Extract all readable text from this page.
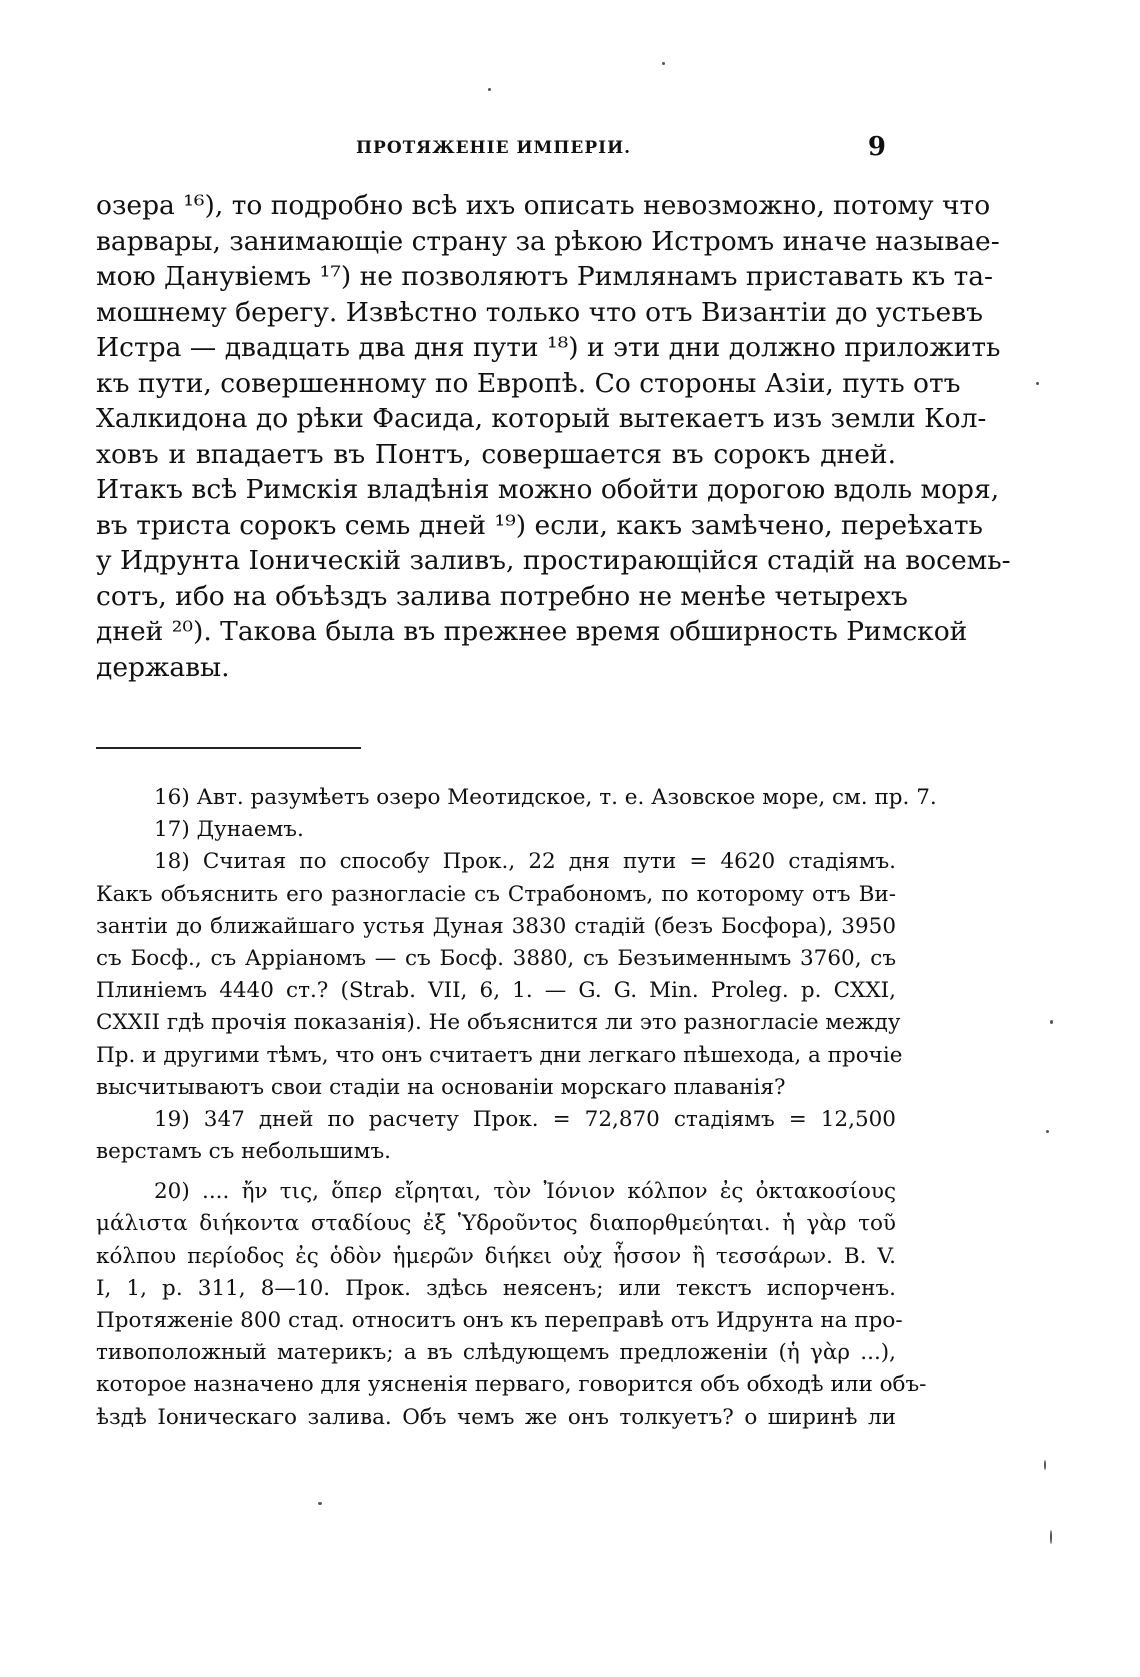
ПРОТЯЖЕНІЕ ИМПЕРІИ.	9
озера ¹⁶), то подробно всѣ ихъ описать невозможно, потому что
варвары, занимающіе страну за рѣкою Истромъ иначе называе-
мою Данувіемъ ¹⁷) не позволяютъ Римлянамъ приставать къ та-
мошнему берегу. Извѣстно только что отъ Византіи до устьевъ
Истра — двадцать два дня пути ¹⁸) и эти дни должно приложить
къ пути, совершенному по Европѣ. Со стороны Азіи, путь отъ
Халкидона до рѣки Фасида, который вытекаетъ изъ земли Кол-
ховъ и впадаетъ въ Понтъ, совершается въ сорокъ дней.
Итакъ всѣ Римскія владѣнія можно обойти дорогою вдоль моря,
въ триста сорокъ семь дней ¹⁹) если, какъ замѣчено, переѣхать
у Идрунта Іоническій заливъ, простирающійся стадій на восемь-
сотъ, ибо на объѣздъ залива потребно не менѣе четырехъ
дней ²⁰). Такова была въ прежнее время обширность Римской
державы.
16) Авт. разумѣетъ озеро Меотидское, т. е. Азовское море, см. пр. 7.
17) Дунаемъ.
18) Считая по способу Прок., 22 дня пути = 4620 стадіямъ.
Какъ объяснить его разногласіе съ Страбономъ, по которому отъ Ви-
зантіи до ближайшаго устья Дуная 3830 стадій (безъ Босфора), 3950
съ Босф., съ Арріаномъ — съ Босф. 3880, съ Безъименнымъ 3760, съ
Плиніемъ 4440 ст.? (Strab. VII, 6, 1. — G. G. Min. Proleg. p. CXXI,
CXXII гдѣ прочія показанія). Не объяснится ли это разногласіе между
Пр. и другими тѣмъ, что онъ считаетъ дни легкаго пѣшехода, а прочіе
высчитываютъ свои стадіи на основаніи морскаго плаванія?
19) 347 дней по расчету Прок. = 72,870 стадіямъ = 12,500
верстамъ съ небольшимъ.
20) .... ἤν τις, ὅπερ εἴρηται, τὸν Ἰόνιον κόλπον ἐς ὀκτακοσίους
μάλιστα διήκοντα σταδίους ἐξ Ὑδροῦντος διαπορθμεύηται. ἡ γὰρ τοῦ
κόλπου περίοδος ἐς ὁδὸν ἡμερῶν διήκει οὐχ ἧσσον ἢ τεσσάρων. B. V.
I, 1, p. 311, 8—10. Прок. здѣсь неясенъ; или текстъ испорченъ.
Протяженіе 800 стад. относитъ онъ къ переправѣ отъ Идрунта на про-
тивоположный материкъ; а въ слѣдующемъ предложеніи (ἡ γὰρ ...),
которое назначено для уясненія перваго, говорится объ обходѣ или объ-
ѣздѣ Іоническаго залива. Объ чемъ же онъ толкуетъ? о ширинѣ ли
